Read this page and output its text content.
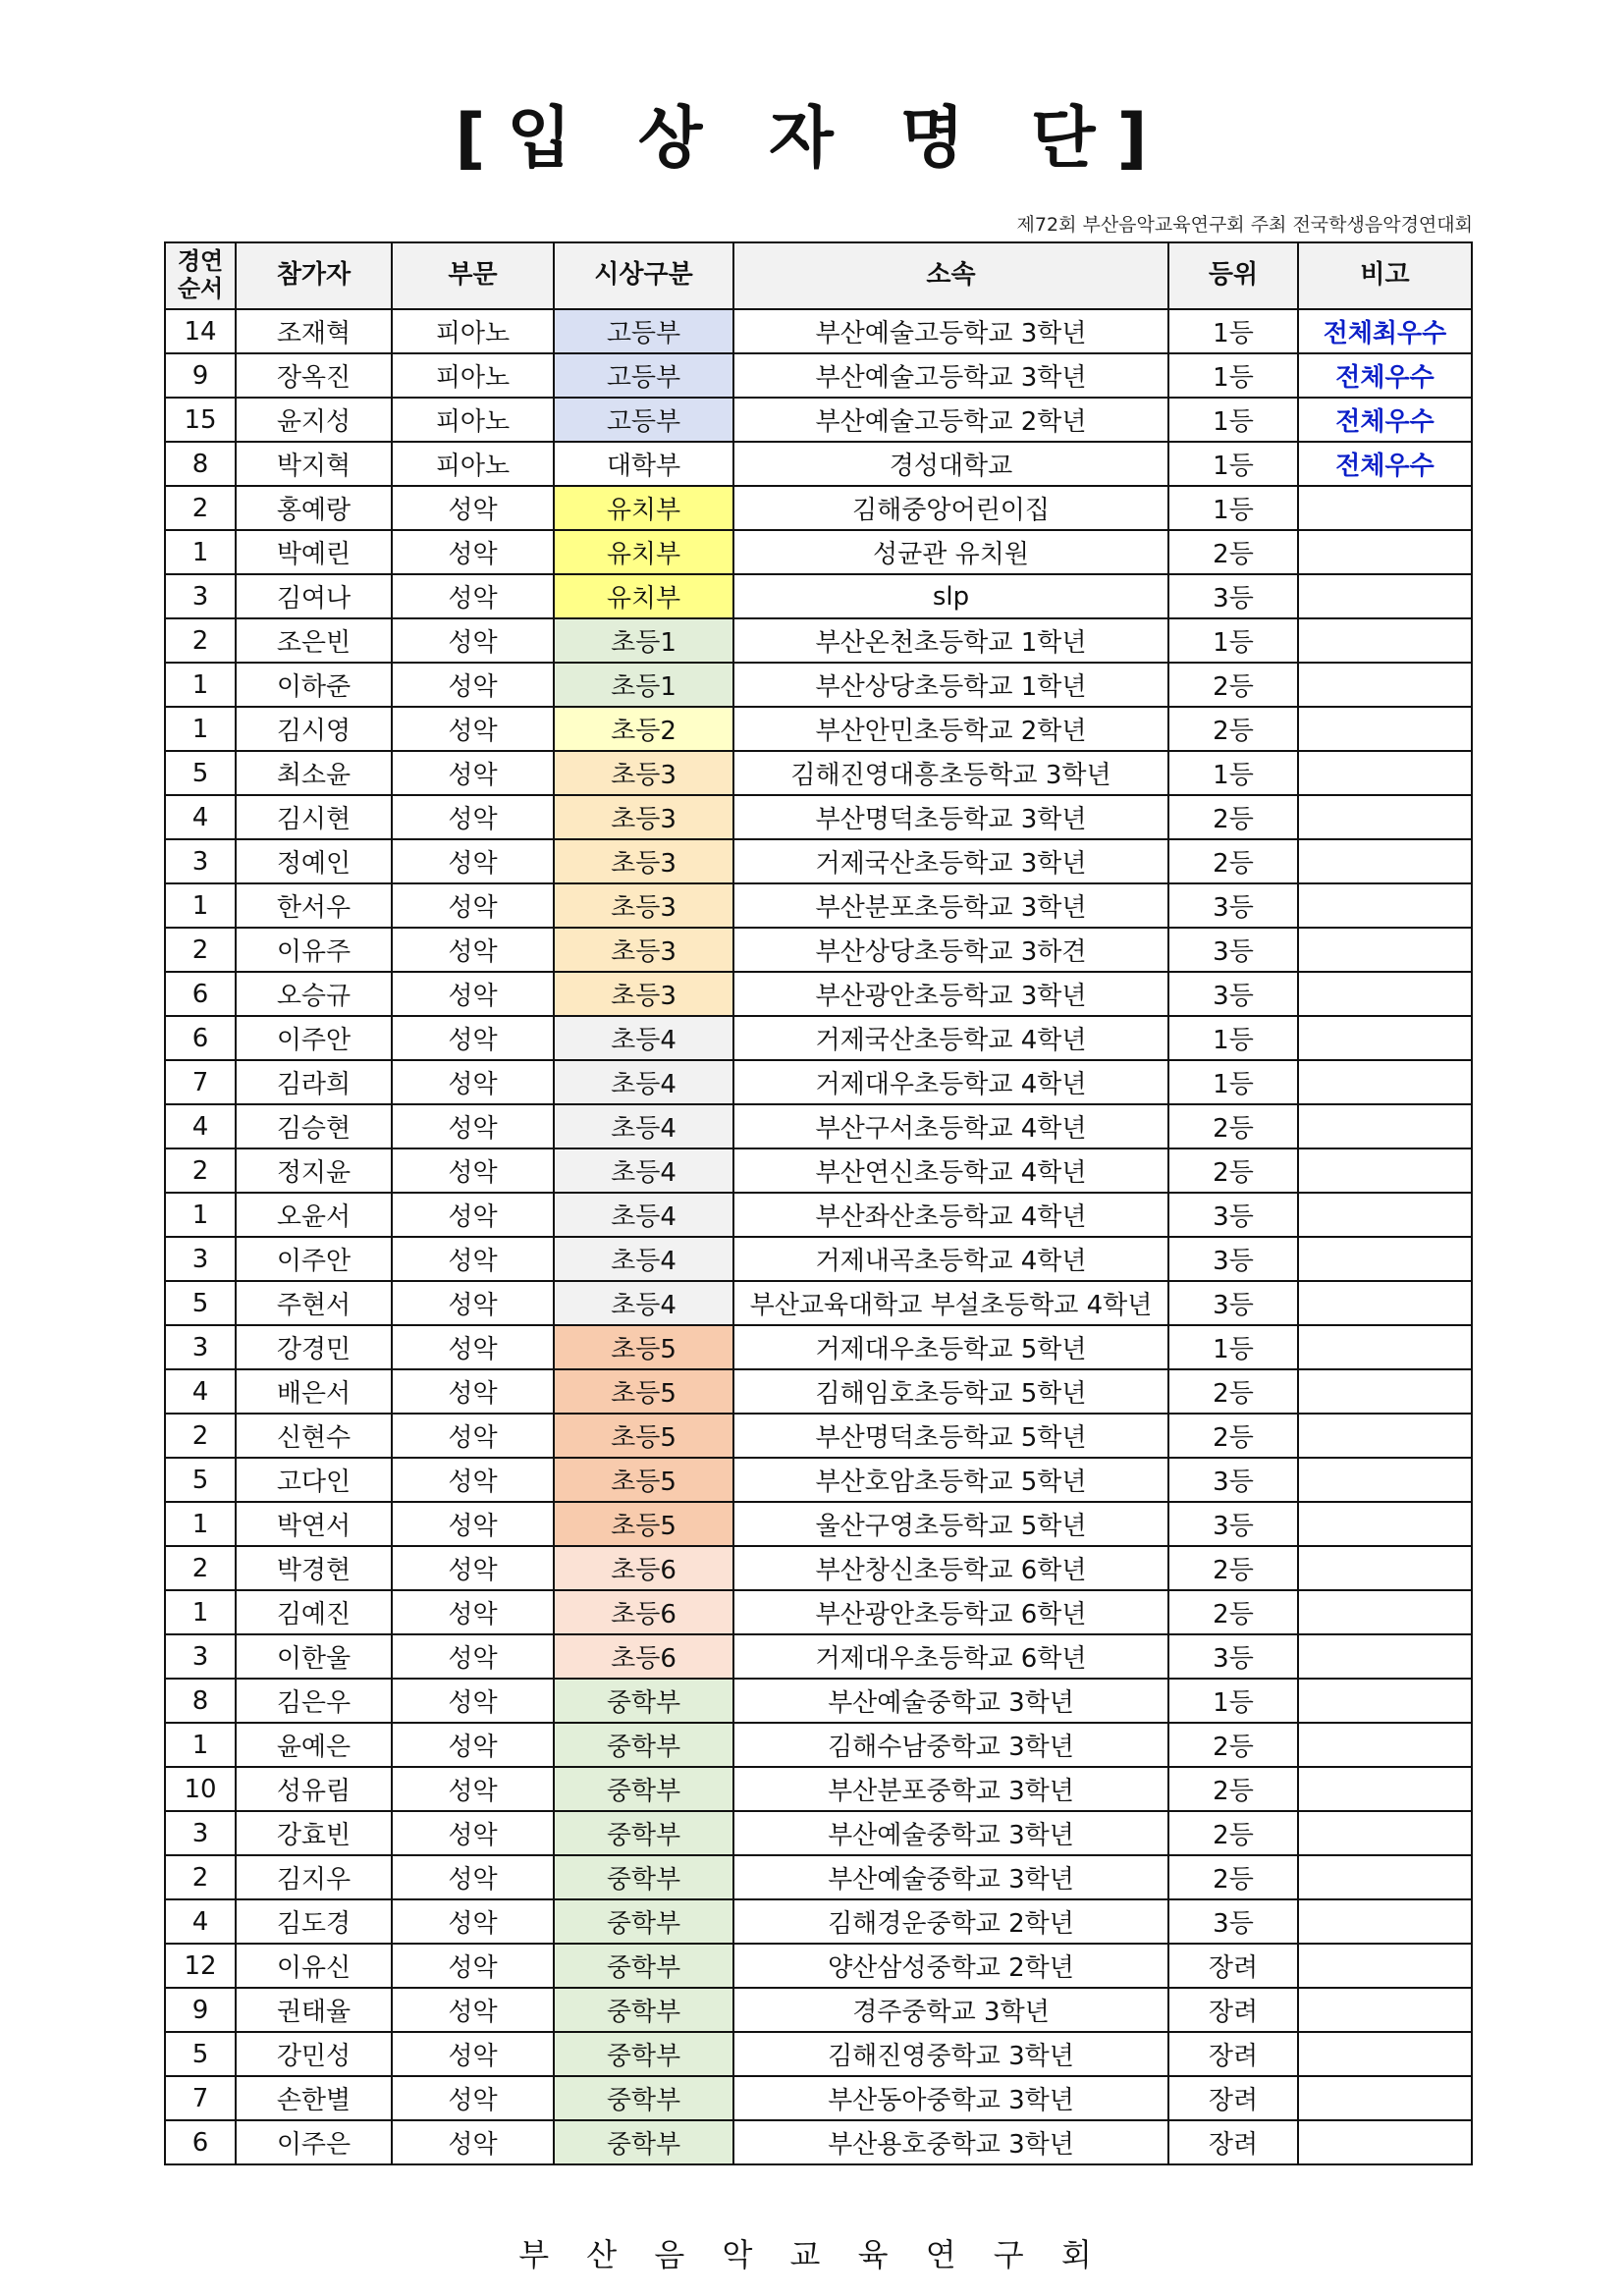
[입 상 자 명 단]
제72회 부산음악교육연구회 주최 전국학생음악경연대회
경연
순서	참가자	부문	시상구분	소속	등위	비고
14	조재혁	피아노	고등부	부산예술고등학교 3학년	1등	전체최우수
9	장옥진	피아노	고등부	부산예술고등학교 3학년	1등	전체우수
15	윤지성	피아노	고등부	부산예술고등학교 2학년	1등	전체우수
8	박지혁	피아노	대학부	경성대학교	1등	전체우수
2	홍예랑	성악	유치부	김해중앙어린이집	1등	
1	박예린	성악	유치부	성균관 유치원	2등	
3	김여나	성악	유치부	slp	3등	
2	조은빈	성악	초등1	부산온천초등학교 1학년	1등	
1	이하준	성악	초등1	부산상당초등학교 1학년	2등	
1	김시영	성악	초등2	부산안민초등학교 2학년	2등	
5	최소윤	성악	초등3	김해진영대흥초등학교 3학년	1등	
4	김시현	성악	초등3	부산명덕초등학교 3학년	2등	
3	정예인	성악	초등3	거제국산초등학교 3학년	2등	
1	한서우	성악	초등3	부산분포초등학교 3학년	3등	
2	이유주	성악	초등3	부산상당초등학교 3하견	3등	
6	오승규	성악	초등3	부산광안초등학교 3학년	3등	
6	이주안	성악	초등4	거제국산초등학교 4학년	1등	
7	김라희	성악	초등4	거제대우초등학교 4학년	1등	
4	김승현	성악	초등4	부산구서초등학교 4학년	2등	
2	정지윤	성악	초등4	부산연신초등학교 4학년	2등	
1	오윤서	성악	초등4	부산좌산초등학교 4학년	3등	
3	이주안	성악	초등4	거제내곡초등학교 4학년	3등	
5	주현서	성악	초등4	부산교육대학교 부설초등학교 4학년	3등	
3	강경민	성악	초등5	거제대우초등학교 5학년	1등	
4	배은서	성악	초등5	김해임호초등학교 5학년	2등	
2	신현수	성악	초등5	부산명덕초등학교 5학년	2등	
5	고다인	성악	초등5	부산호암초등학교 5학년	3등	
1	박연서	성악	초등5	울산구영초등학교 5학년	3등	
2	박경현	성악	초등6	부산창신초등학교 6학년	2등	
1	김예진	성악	초등6	부산광안초등학교 6학년	2등	
3	이한울	성악	초등6	거제대우초등학교 6학년	3등	
8	김은우	성악	중학부	부산예술중학교 3학년	1등	
1	윤예은	성악	중학부	김해수남중학교 3학년	2등	
10	성유림	성악	중학부	부산분포중학교 3학년	2등	
3	강효빈	성악	중학부	부산예술중학교 3학년	2등	
2	김지우	성악	중학부	부산예술중학교 3학년	2등	
4	김도경	성악	중학부	김해경운중학교 2학년	3등	
12	이유신	성악	중학부	양산삼성중학교 2학년	장려	
9	권태율	성악	중학부	경주중학교 3학년	장려	
5	강민성	성악	중학부	김해진영중학교 3학년	장려	
7	손한별	성악	중학부	부산동아중학교 3학년	장려	
6	이주은	성악	중학부	부산용호중학교 3학년	장려	
부 산 음 악 교 육 연 구 회
